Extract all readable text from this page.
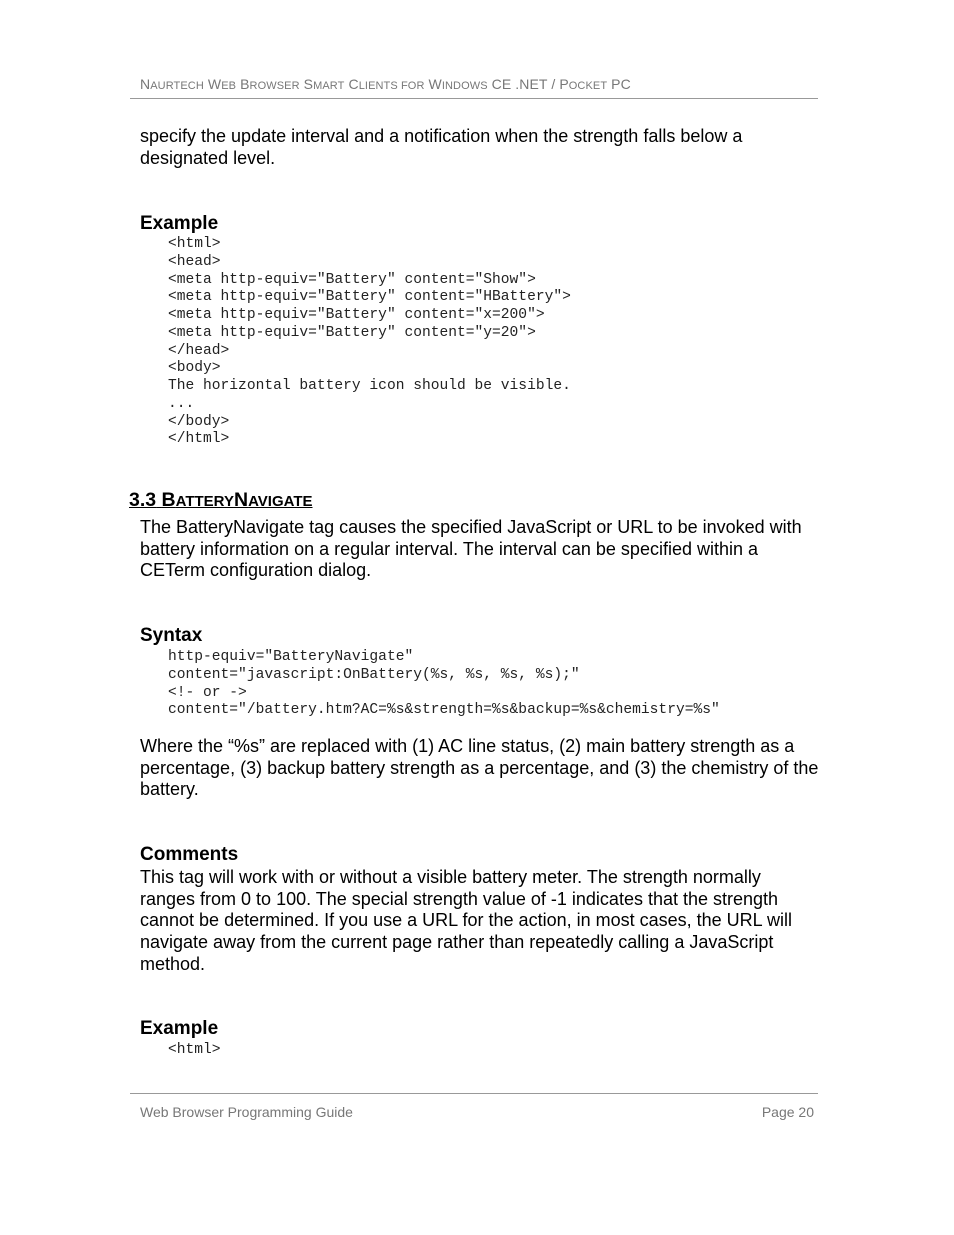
NAURTECH WEB BROWSER SMART CLIENTS FOR WINDOWS CE .NET / POCKET PC

specify the update interval and a notification when the strength falls below a designated level.

Example
<html>
<head>
<meta http-equiv="Battery" content="Show">
<meta http-equiv="Battery" content="HBattery">
<meta http-equiv="Battery" content="x=200">
<meta http-equiv="Battery" content="y=20">
</head>
<body>
The horizontal battery icon should be visible.
...
</body>
</html>
3.3 BATTERYNAVIGATE

The BatteryNavigate tag causes the specified JavaScript or URL to be invoked with battery information on a regular interval. The interval can be specified within a CETerm configuration dialog.

Syntax
http-equiv="BatteryNavigate"
content="javascript:OnBattery(%s, %s, %s, %s);"
<!- or ->
content="/battery.htm?AC=%s&strength=%s&backup=%s&chemistry=%s"

Where the “%s” are replaced with (1) AC line status, (2) main battery strength as a percentage, (3) backup battery strength as a percentage, and (3) the chemistry of the battery.

Comments

This tag will work with or without a visible battery meter. The strength normally ranges from 0 to 100. The special strength value of -1 indicates that the strength cannot be determined. If you use a URL for the action, in most cases, the URL will navigate away from the current page rather than repeatedly calling a JavaScript method.

Example
<html>
Web Browser Programming Guide	Page 20
